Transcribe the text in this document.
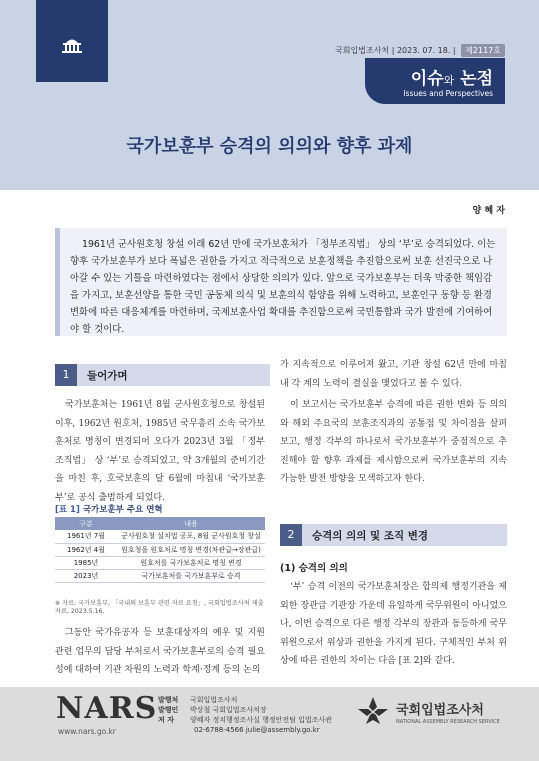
국회입법조사처 | 2023. 07. 18. | 제2117호
이슈와 논점
Issues and Perspectives
국가보훈부 승격의 의의와 향후 과제
양 혜 자
1961년 군사원호청 창설 이래 62년 만에 국가보훈처가 「정부조직법」 상의 ‘부’로 승격되었다. 이는 향후 국가보훈부가 보다 폭넓은 권한을 가지고 적극적으로 보훈정책을 추진함으로써 보훈 선진국으로 나아갈 수 있는 기틀을 마련하였다는 점에서 상당한 의의가 있다. 앞으로 국가보훈부는 더욱 막중한 책임감을 가지고, 보훈선양을 통한 국민 공동체 의식 및 보훈의식 함양을 위해 노력하고, 보훈인구 동향 등 환경변화에 따른 대응체계를 마련하며, 국제보훈사업 확대를 추진함으로써 국민통합과 국가 발전에 기여하여야 할 것이다.
1	들어가며
국가보훈처는 1961년 8월 군사원호청으로 창설된 이후, 1962년 원호처, 1985년 국무총리 소속 국가보훈처로 명칭이 변경되어 오다가 2023년 3월 「정부조직법」 상 ‘부’로 승격되었고, 약 3개월의 준비기간을 마친 후, 호국보훈의 달 6월에 마침내 ‘국가보훈부’로 공식 출범하게 되었다.
[표 1] 국가보훈부 주요 연혁
구분	내용
1961년 7월	군사원호청 설치법 공포, 8월 군사원호청 창설
1962년 4월	원호청을 원호처로 명칭 변경(차관급→장관급)
1985년	원호처를 국가보훈처로 명칭 변경
2023년	국가보훈처를 국가보훈부로 승격
※ 자료: 국가보훈부, 「국내외 보훈부 관련 자료 요청」, 국회입법조사처 제출 자료, 2023.5.16.
그동안 국가유공자 등 보훈대상자의 예우 및 지원 관련 업무의 담당 부처로서 국가보훈부로의 승격 필요성에 대하여 기관 차원의 노력과 학계·정계 등의 논의
가 지속적으로 이루어져 왔고, 기관 창설 62년 만에 마침내 각 계의 노력이 결실을 맺었다고 볼 수 있다.
이 보고서는 국가보훈부 승격에 따른 권한 변화 등 의의와 해외 주요국의 보훈조직과의 공통점 및 차이점을 살펴보고, 행정 각부의 하나로서 국가보훈부가 중점적으로 추진해야 할 향후 과제를 제시함으로써 국가보훈부의 지속 가능한 발전 방향을 모색하고자 한다.
2	승격의 의의 및 조직 변경
(1) 승격의 의의
‘부’ 승격 이전의 국가보훈처장은 합의제 행정기관을 제외한 장관급 기관장 가운데 유일하게 국무위원이 아니었으나, 이번 승격으로 다른 행정 각부의 장관과 동등하게 국무위원으로서 위상과 권한을 가지게 된다. 구체적인 부처 위상에 따른 권한의 차이는 다음 [표 2]와 같다.
NARS
www.nars.go.kr
발행처 국회입법조사처
발행인 박상철 국회입법조사처장
저 자 양혜자 정치행정조사실 행정안전팀 입법조사관
02-6788-4566 julie@assembly.go.kr
국회입법조사처
NATIONAL ASSEMBLY RESEARCH SERVICE
